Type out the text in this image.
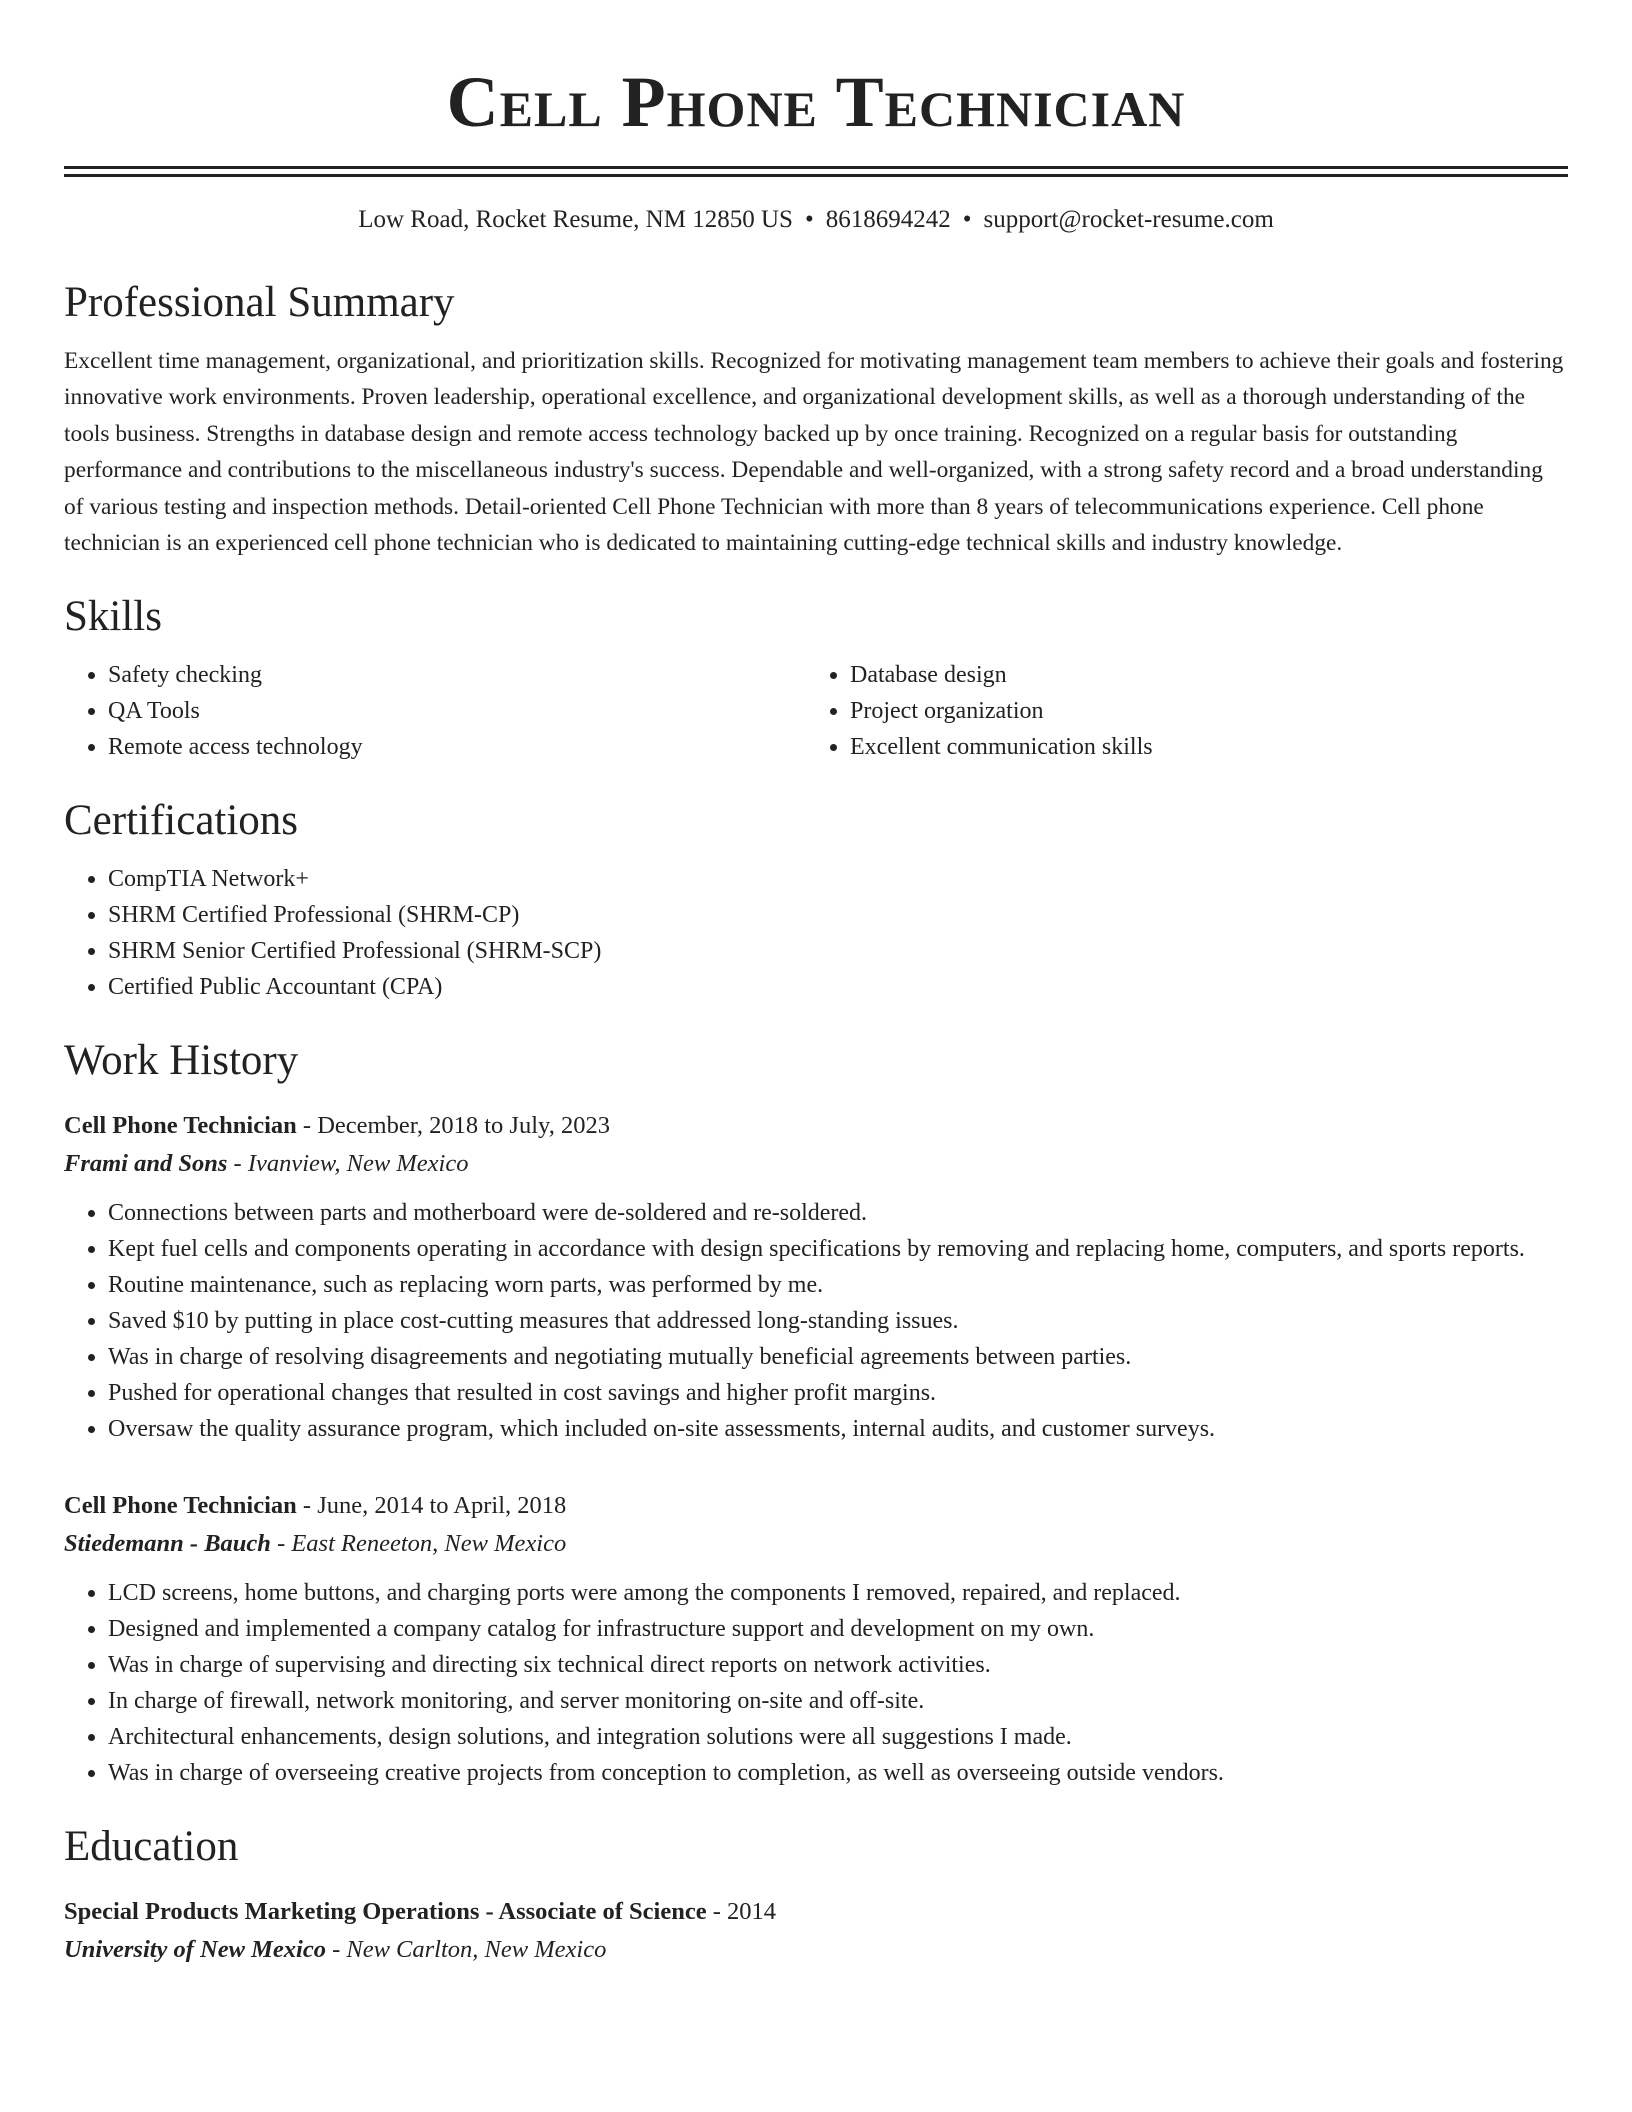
Cell Phone Technician
Low Road, Rocket Resume, NM 12850 US • 8618694242 • support@rocket-resume.com
Professional Summary

Excellent time management, organizational, and prioritization skills. Recognized for motivating management team members to achieve their goals and fostering innovative work environments. Proven leadership, operational excellence, and organizational development skills, as well as a thorough understanding of the tools business. Strengths in database design and remote access technology backed up by once training. Recognized on a regular basis for outstanding performance and contributions to the miscellaneous industry's success. Dependable and well-organized, with a strong safety record and a broad understanding of various testing and inspection methods. Detail-oriented Cell Phone Technician with more than 8 years of telecommunications experience. Cell phone technician is an experienced cell phone technician who is dedicated to maintaining cutting-edge technical skills and industry knowledge.

Skills
• Safety checking
• QA Tools
• Remote access technology
• Database design
• Project organization
• Excellent communication skills
Certifications
• CompTIA Network+
• SHRM Certified Professional (SHRM-CP)
• SHRM Senior Certified Professional (SHRM-SCP)
• Certified Public Accountant (CPA)
Work History
Cell Phone Technician - December, 2018 to July, 2023
Frami and Sons - Ivanview, New Mexico
• Connections between parts and motherboard were de-soldered and re-soldered.
• Kept fuel cells and components operating in accordance with design specifications by removing and replacing home, computers, and sports reports.
• Routine maintenance, such as replacing worn parts, was performed by me.
• Saved $10 by putting in place cost-cutting measures that addressed long-standing issues.
• Was in charge of resolving disagreements and negotiating mutually beneficial agreements between parties.
• Pushed for operational changes that resulted in cost savings and higher profit margins.
• Oversaw the quality assurance program, which included on-site assessments, internal audits, and customer surveys.
Cell Phone Technician - June, 2014 to April, 2018
Stiedemann - Bauch - East Reneeton, New Mexico
• LCD screens, home buttons, and charging ports were among the components I removed, repaired, and replaced.
• Designed and implemented a company catalog for infrastructure support and development on my own.
• Was in charge of supervising and directing six technical direct reports on network activities.
• In charge of firewall, network monitoring, and server monitoring on-site and off-site.
• Architectural enhancements, design solutions, and integration solutions were all suggestions I made.
• Was in charge of overseeing creative projects from conception to completion, as well as overseeing outside vendors.
Education
Special Products Marketing Operations - Associate of Science - 2014
University of New Mexico - New Carlton, New Mexico
